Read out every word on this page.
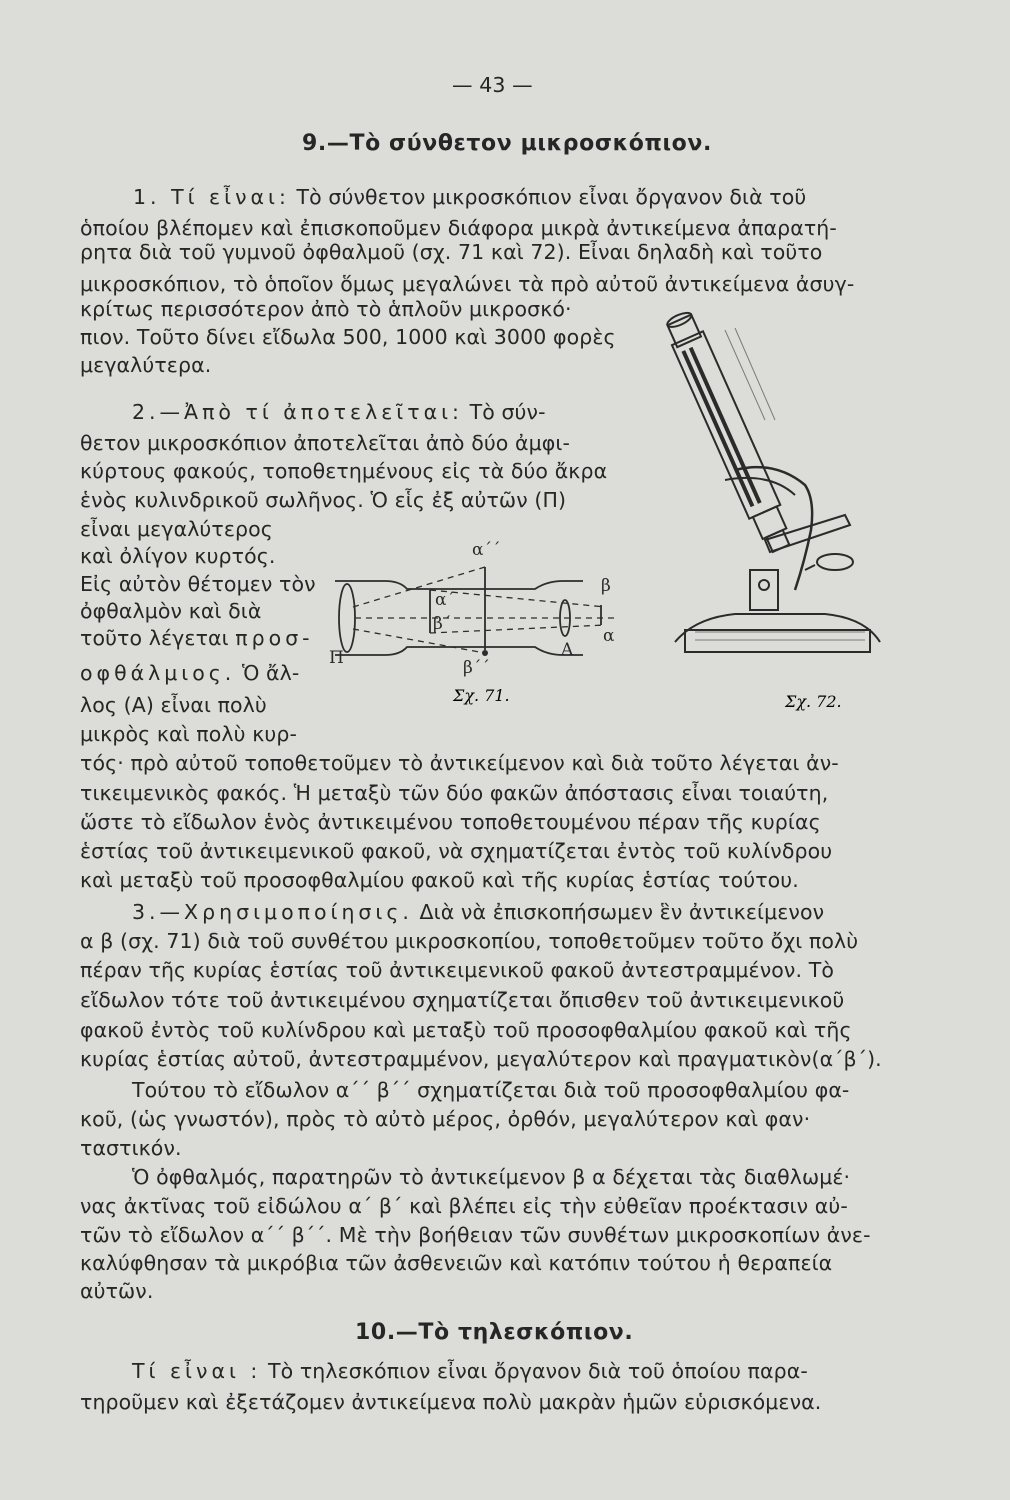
— 43 —
9.—Τὸ σύνθετον μικροσκόπιον.
1. Τί εἶναι: Τὸ σύνθετον μικροσκόπιον εἶναι ὄργανον διὰ τοῦ
ὁποίου βλέπομεν καὶ ἐπισκοποῦμεν διάφορα μικρὰ ἀντικείμενα ἀπαρατή-
ρητα διὰ τοῦ γυμνοῦ ὀφθαλμοῦ (σχ. 71 καὶ 72). Εἶναι δηλαδὴ καὶ τοῦτο
μικροσκόπιον, τὸ ὁποῖον ὅμως μεγαλώνει τὰ πρὸ αὐτοῦ ἀντικείμενα ἀσυγ-
κρίτως περισσότερον ἀπὸ τὸ ἁπλοῦν μικροσκό·
πιον. Τοῦτο δίνει εἴδωλα 500, 1000 καὶ 3000 φορὲς
μεγαλύτερα.
2.—Ἀπὸ τί ἀποτελεῖται: Τὸ σύν-
θετον μικροσκόπιον ἀποτελεῖται ἀπὸ δύο ἀμφι-
κύρτους φακούς, τοποθετημένους εἰς τὰ δύο ἄκρα
ἑνὸς κυλινδρικοῦ σωλῆνος. Ὁ εἷς ἐξ αὐτῶν (Π)
εἶναι μεγαλύτερος
καὶ ὀλίγον κυρτός.
Εἰς αὐτὸν θέτομεν τὸν
ὀφθαλμὸν καὶ διὰ
τοῦτο λέγεται προσ-
οφθάλμιος. Ὁ ἄλ-
λος (Α) εἶναι πολὺ
μικρὸς καὶ πολὺ κυρ-
τός· πρὸ αὐτοῦ τοποθετοῦμεν τὸ ἀντικείμενον καὶ διὰ τοῦτο λέγεται ἀν-
τικειμενικὸς φακός. Ἡ μεταξὺ τῶν δύο φακῶν ἀπόστασις εἶναι τοιαύτη,
ὥστε τὸ εἴδωλον ἑνὸς ἀντικειμένου τοποθετουμένου πέραν τῆς κυρίας
ἑστίας τοῦ ἀντικειμενικοῦ φακοῦ, νὰ σχηματίζεται ἐντὸς τοῦ κυλίνδρου
καὶ μεταξὺ τοῦ προσοφθαλμίου φακοῦ καὶ τῆς κυρίας ἑστίας τούτου.
3.—Χρησιμοποίησις. Διὰ νὰ ἐπισκοπήσωμεν ἓν ἀντικείμενον
α β (σχ. 71) διὰ τοῦ συνθέτου μικροσκοπίου, τοποθετοῦμεν τοῦτο ὄχι πολὺ
πέραν τῆς κυρίας ἑστίας τοῦ ἀντικειμενικοῦ φακοῦ ἀντεστραμμένον. Τὸ
εἴδωλον τότε τοῦ ἀντικειμένου σχηματίζεται ὄπισθεν τοῦ ἀντικειμενικοῦ
φακοῦ ἐντὸς τοῦ κυλίνδρου καὶ μεταξὺ τοῦ προσοφθαλμίου φακοῦ καὶ τῆς
κυρίας ἑστίας αὐτοῦ, ἀντεστραμμένον, μεγαλύτερον καὶ πραγματικὸν(α΄β΄).
Τούτου τὸ εἴδωλον α΄΄ β΄΄ σχηματίζεται διὰ τοῦ προσοφθαλμίου φα-
κοῦ, (ὡς γνωστόν), πρὸς τὸ αὐτὸ μέρος, ὀρθόν, μεγαλύτερον καὶ φαν·
ταστικόν.
Ὁ ὀφθαλμός, παρατηρῶν τὸ ἀντικείμενον β α δέχεται τὰς διαθλωμέ·
νας ἀκτῖνας τοῦ εἰδώλου α΄ β΄ καὶ βλέπει εἰς τὴν εὐθεῖαν προέκτασιν αὐ-
τῶν τὸ εἴδωλον α΄΄ β΄΄. Μὲ τὴν βοήθειαν τῶν συνθέτων μικροσκοπίων ἀνε-
καλύφθησαν τὰ μικρόβια τῶν ἀσθενειῶν καὶ κατόπιν τούτου ἡ θεραπεία
αὐτῶν.
10.—Τὸ τηλεσκόπιον.
Τί εἶναι : Τὸ τηλεσκόπιον εἶναι ὄργανον διὰ τοῦ ὁποίου παρα-
τηροῦμεν καὶ ἐξετάζομεν ἀντικείμενα πολὺ μακρὰν ἡμῶν εὑρισκόμενα.
α΄΄
β΄΄
α΄
β΄
β
α
Α
Π
Σχ. 71.	Σχ. 72.
